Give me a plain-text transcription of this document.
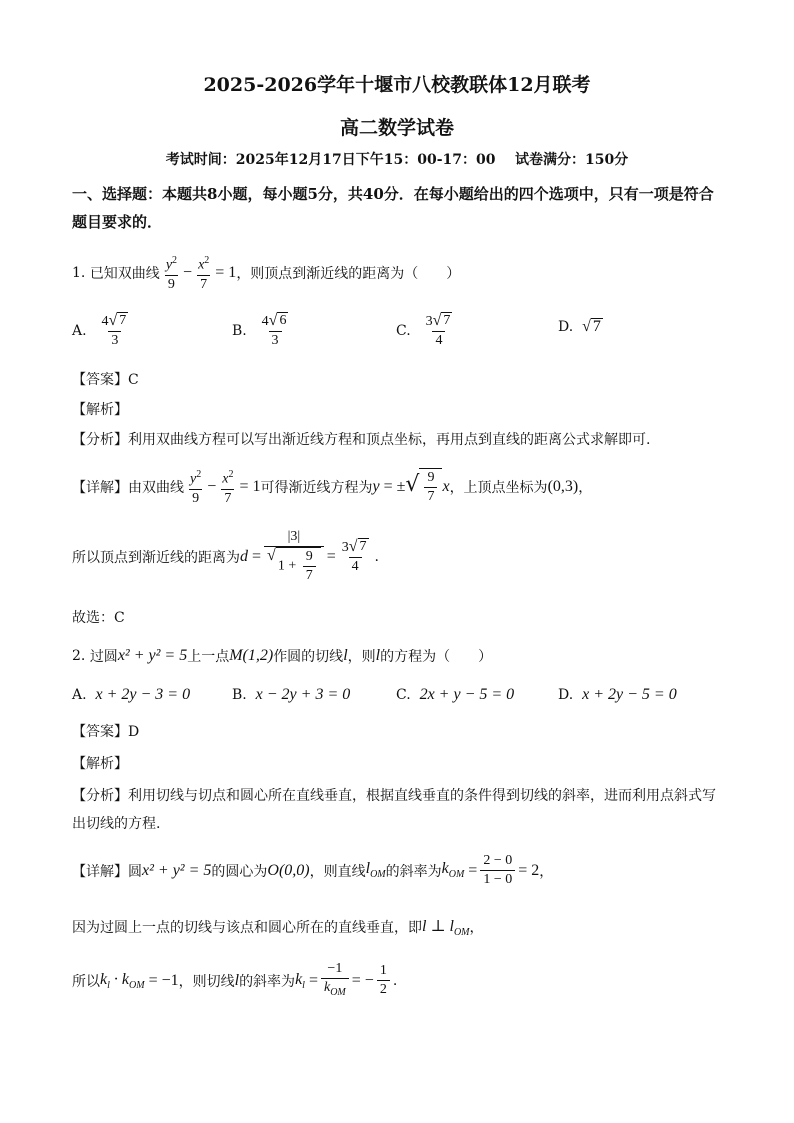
2025-2026学年十堰市八校教联体12月联考
高二数学试卷
考试时间：2025年12月17日下午15：00-17：00    试卷满分：150分
一、选择题：本题共8小题，每小题5分，共40分．在每小题给出的四个选项中，只有一项是符合题目要求的．
1.
已知双曲线 $\frac{y^2}{9} - \frac{x^2}{7} = 1$ ，则顶点到渐近线的距离为（　　）
A.
$\frac{4 √ 7}{3}$	B.
$\frac{4 √ 6}{3}$	C.
$\frac{3 √ 7}{4}$	D.
√ 7
【答案】C
【解析】
【分析】利用双曲线方程可以写出渐近线方程和顶点坐标，再用点到直线的距离公式求解即可.
【详解】由双曲线 $\frac{y^2}{9} - \frac{x^2}{7} = 1$ 可得渐近线方程为 y = ± √ $\frac{9}{7}$ x ，上顶点坐标为 (0,3) ，
所以顶点到渐近线的距离为 d = |3|
√
$1 + \frac{9}{7} = \frac{3 √ 7}{4}$ .
故选：C
2.
过圆 x² + y² = 5 上一点 M(1,2) 作圆的切线 l ，则 l 的方程为（　　）
A.
x + 2y − 3 = 0	B.
x − 2y + 3 = 0	C.
2x + y − 5 = 0	D.
x + 2y − 5 = 0
【答案】D
【解析】
【分析】利用切线与切点和圆心所在直线垂直，根据直线垂直的条件得到切线的斜率，进而利用点斜式写出切线的方程.
【详解】圆 x² + y² = 5 的圆心为 O(0,0) ，则直线 $l_{OM}$ 的斜率为 $k_{OM} = \frac{2 - 0}{1 - 0} = 2$ ，
因为过圆上一点的切线与该点和圆心所在的直线垂直，即 l ⊥ $l_{OM}$ ，
所以 $k_l \cdot k_{OM} = -1$ ，则切线 l 的斜率为 $k_l = \frac{-1}{k_{OM}}$ = − $\frac{1}{2}$ .
